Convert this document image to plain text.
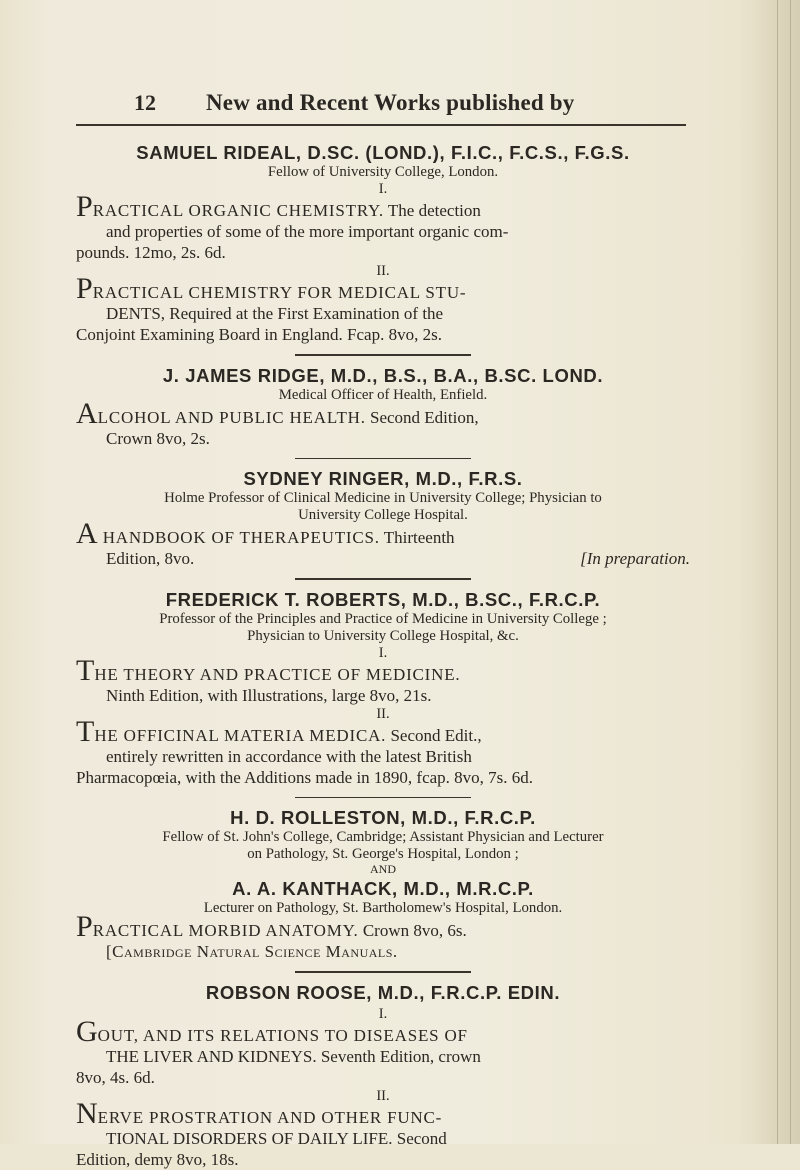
12 New and Recent Works published by
SAMUEL RIDEAL, D.SC. (LOND.), F.I.C., F.C.S., F.G.S.
Fellow of University College, London.
I.
PRACTICAL ORGANIC CHEMISTRY. The detection
and properties of some of the more important organic com-
pounds. 12mo, 2s. 6d.
II.
PRACTICAL CHEMISTRY FOR MEDICAL STU-
DENTS, Required at the First Examination of the
Conjoint Examining Board in England. Fcap. 8vo, 2s.
J. JAMES RIDGE, M.D., B.S., B.A., B.SC. LOND.
Medical Officer of Health, Enfield.
ALCOHOL AND PUBLIC HEALTH. Second Edition,
Crown 8vo, 2s.
SYDNEY RINGER, M.D., F.R.S.
Holme Professor of Clinical Medicine in University College; Physician to
University College Hospital.
A HANDBOOK OF THERAPEUTICS. Thirteenth
Edition, 8vo.	[In preparation.
FREDERICK T. ROBERTS, M.D., B.SC., F.R.C.P.
Professor of the Principles and Practice of Medicine in University College ;
Physician to University College Hospital, &c.
I.
THE THEORY AND PRACTICE OF MEDICINE.
Ninth Edition, with Illustrations, large 8vo, 21s.
II.
THE OFFICINAL MATERIA MEDICA. Second Edit.,
entirely rewritten in accordance with the latest British
Pharmacopœia, with the Additions made in 1890, fcap. 8vo, 7s. 6d.
H. D. ROLLESTON, M.D., F.R.C.P.
Fellow of St. John's College, Cambridge; Assistant Physician and Lecturer
on Pathology, St. George's Hospital, London ;
AND
A. A. KANTHACK, M.D., M.R.C.P.
Lecturer on Pathology, St. Bartholomew's Hospital, London.
PRACTICAL MORBID ANATOMY. Crown 8vo, 6s.
[Cambridge Natural Science Manuals.
ROBSON ROOSE, M.D., F.R.C.P. EDIN.
I.
GOUT, AND ITS RELATIONS TO DISEASES OF
THE LIVER AND KIDNEYS. Seventh Edition, crown
8vo, 4s. 6d.
II.
NERVE PROSTRATION AND OTHER FUNC-
TIONAL DISORDERS OF DAILY LIFE. Second
Edition, demy 8vo, 18s.
